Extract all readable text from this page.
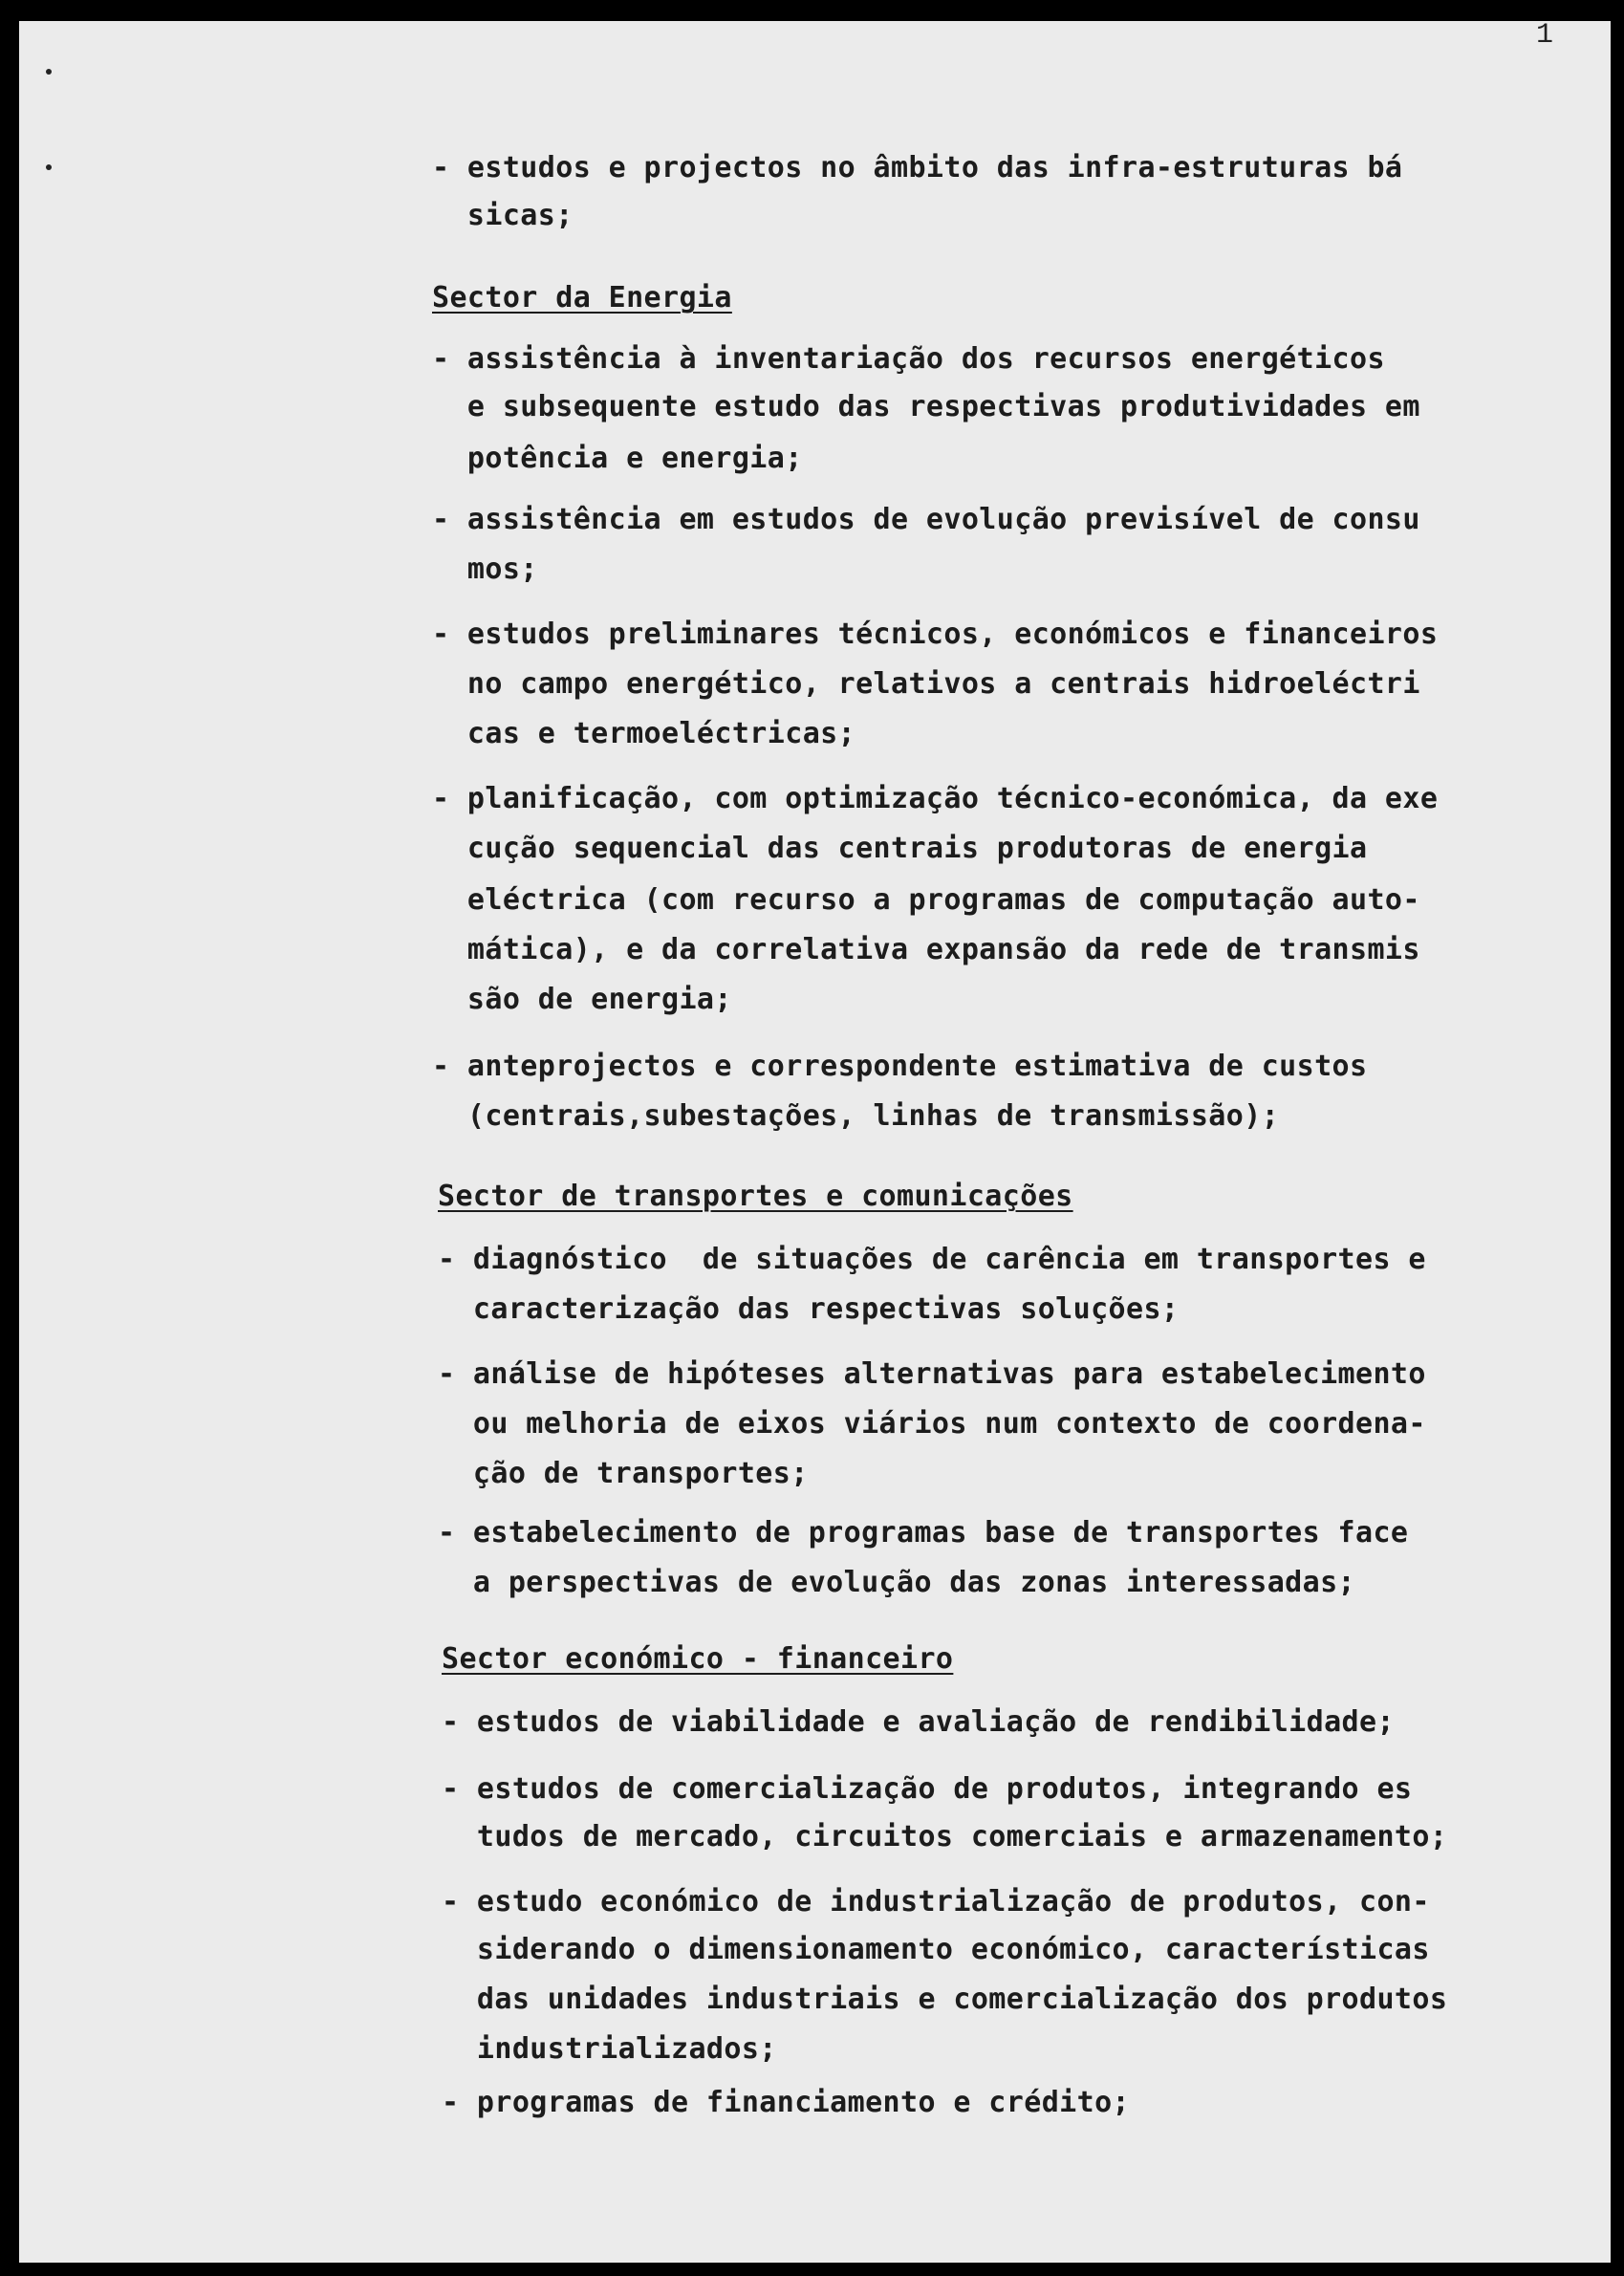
1
- estudos e projectos no âmbito das infra-estruturas bá
sicas;
Sector da Energia
- assistência à inventariação dos recursos energéticos
e subsequente estudo das respectivas produtividades em
potência e energia;
- assistência em estudos de evolução previsível de consu
mos;
- estudos preliminares técnicos, económicos e financeiros
no campo energético, relativos a centrais hidroeléctri
cas e termoeléctricas;
- planificação, com optimização técnico-económica, da exe
cução sequencial das centrais produtoras de energia
eléctrica (com recurso a programas de computação auto-
mática), e da correlativa expansão da rede de transmis
são de energia;
- anteprojectos e correspondente estimativa de custos
(centrais,subestações, linhas de transmissão);
Sector de transportes e comunicações
- diagnóstico  de situações de carência em transportes e
caracterização das respectivas soluções;
- análise de hipóteses alternativas para estabelecimento
ou melhoria de eixos viários num contexto de coordena-
ção de transportes;
- estabelecimento de programas base de transportes face
a perspectivas de evolução das zonas interessadas;
Sector económico - financeiro
- estudos de viabilidade e avaliação de rendibilidade;
- estudos de comercialização de produtos, integrando es
tudos de mercado, circuitos comerciais e armazenamento;
- estudo económico de industrialização de produtos, con-
siderando o dimensionamento económico, características
das unidades industriais e comercialização dos produtos
industrializados;
- programas de financiamento e crédito;
